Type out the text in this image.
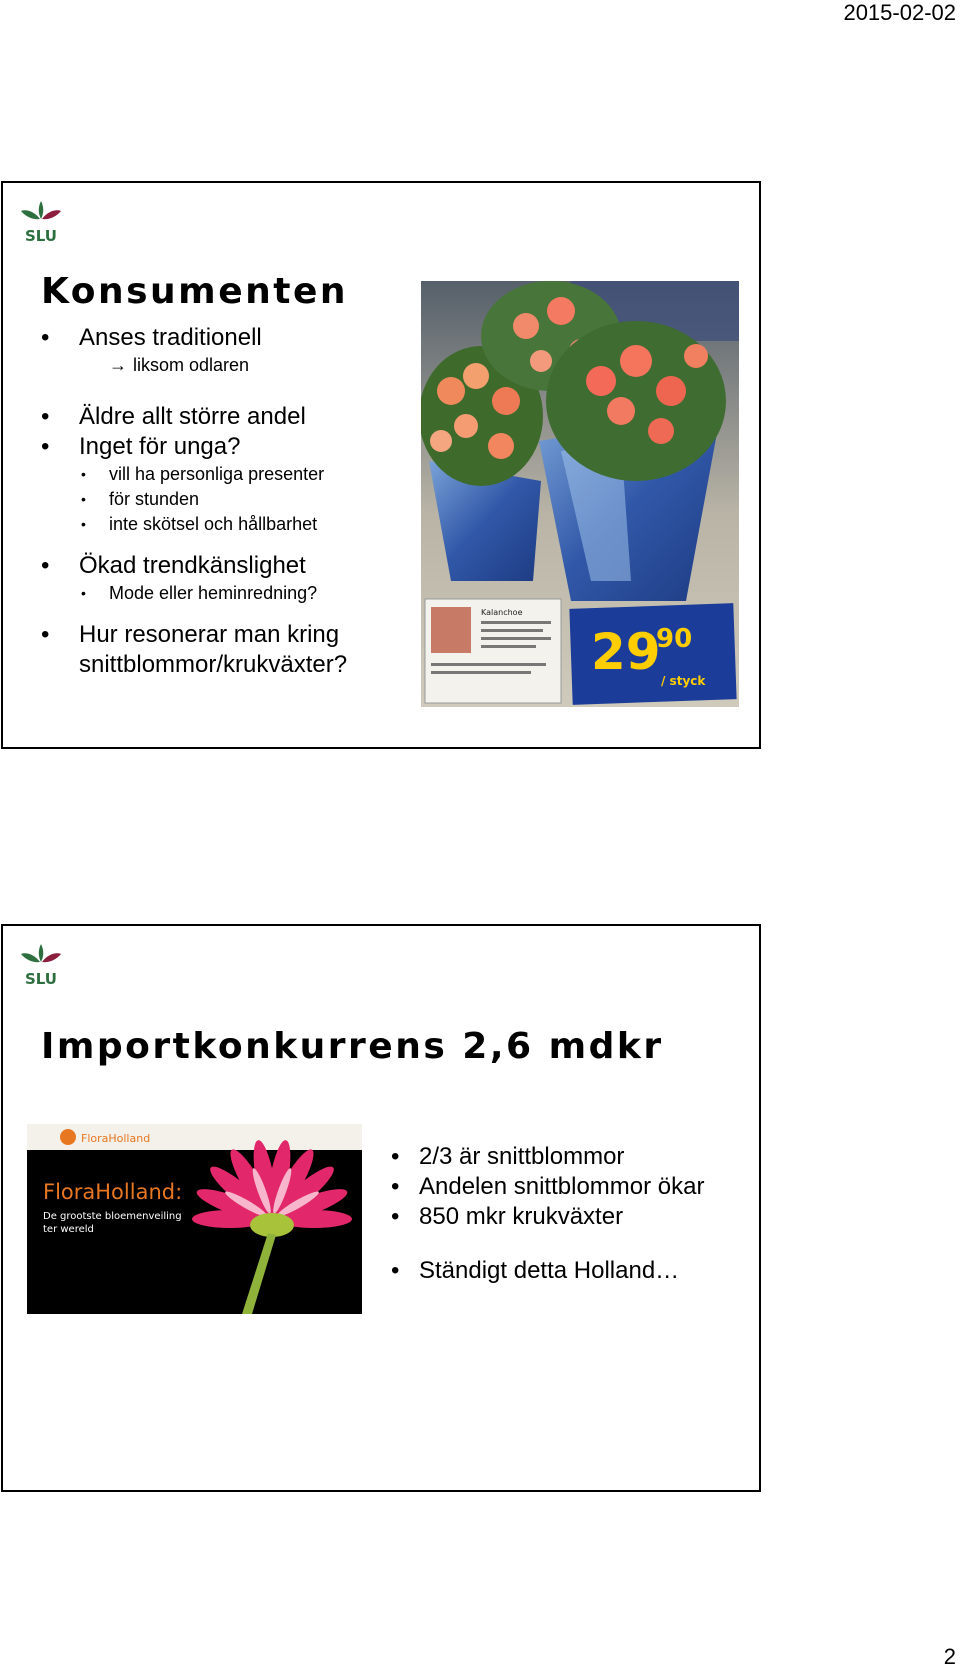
2015-02-02
SLU
Konsumenten
• Anses traditionell
→ liksom odlaren
• Äldre allt större andel
• Inget för unga?
• vill ha personliga presenter
• för stunden
• inte skötsel och hållbarhet
• Ökad trendkänslighet
• Mode eller heminredning?
• Hur resonerar man kring
snittblommor/krukväxter?
Kalanchoe
29
90
/ styck
SLU
Importkonkurrens 2,6 mdkr
FloraHolland
FloraHolland:
De grootste bloemenveiling
ter wereld
• 2/3 är snittblommor
• Andelen snittblommor ökar
• 850 mkr krukväxter
• Ständigt detta Holland…
2
